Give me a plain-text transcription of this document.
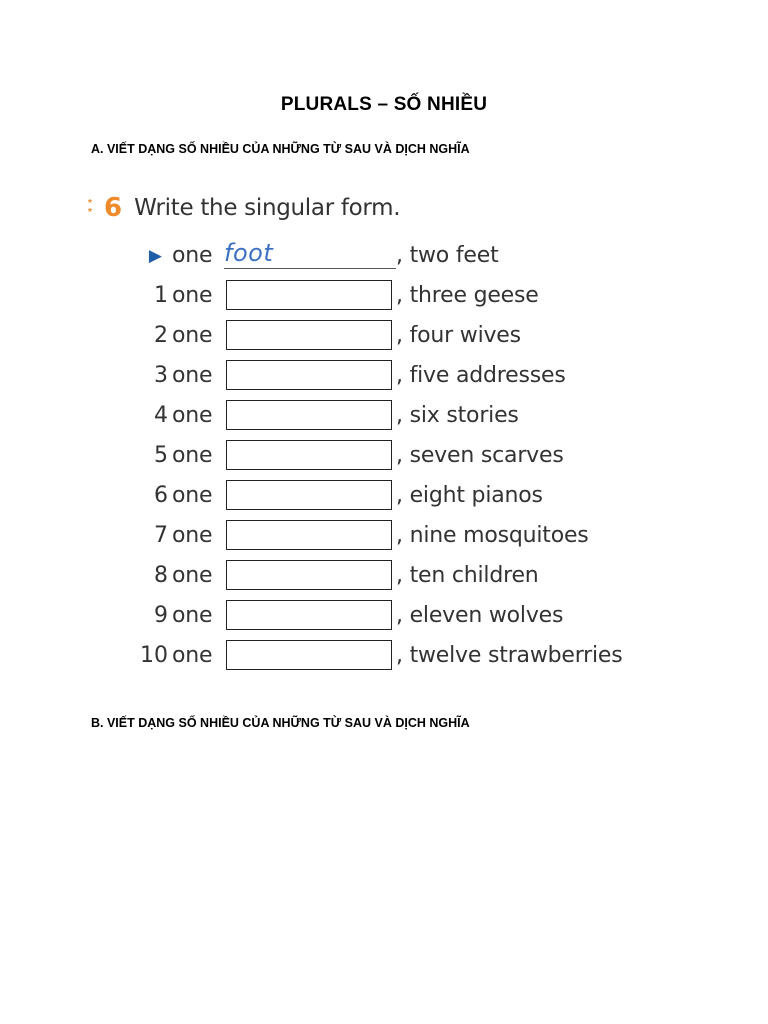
PLURALS – SỐ NHIỀU
A. VIẾT DẠNG SỐ NHIỀU CỦA NHỮNG TỪ SAU VÀ DỊCH NGHĨA
*
* 6 Write the singular form.
▶ one foot	, two feet
1 one	, three geese
2 one	, four wives
3 one	, five addresses
4 one	, six stories
5 one	, seven scarves
6 one	, eight pianos
7 one	, nine mosquitoes
8 one	, ten children
9 one	, eleven wolves
10 one	, twelve strawberries
B. VIẾT DẠNG SỐ NHIỀU CỦA NHỮNG TỪ SAU VÀ DỊCH NGHĨA
